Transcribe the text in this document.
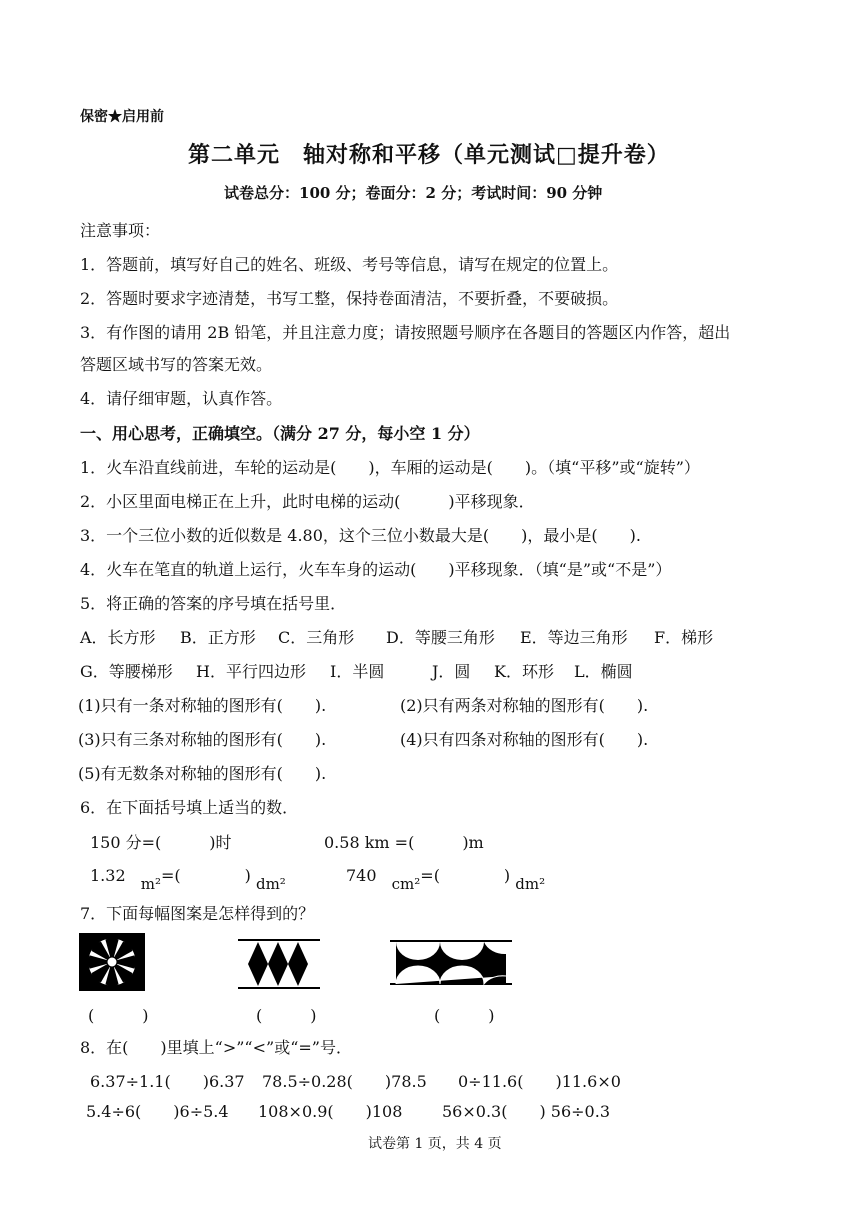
保密★启用前
第二单元　轴对称和平移（单元测试□提升卷）
试卷总分：100 分；卷面分：2 分；考试时间：90 分钟
注意事项：
1．答题前，填写好自己的姓名、班级、考号等信息，请写在规定的位置上。
2．答题时要求字迹清楚，书写工整，保持卷面清洁，不要折叠，不要破损。
3．有作图的请用 2B 铅笔，并且注意力度；请按照题号顺序在各题目的答题区内作答，超出
答题区域书写的答案无效。
4．请仔细审题，认真作答。
一、用心思考，正确填空。（满分 27 分，每小空 1 分）
1．火车沿直线前进，车轮的运动是(　　)，车厢的运动是(　　)。（填“平移”或“旋转”）
2．小区里面电梯正在上升，此时电梯的运动(　　　)平移现象．
3．一个三位小数的近似数是 4.80，这个三位小数最大是(　　)，最小是(　　).
4．火车在笔直的轨道上运行，火车车身的运动(　　)平移现象．（填“是”或“不是”）
5．将正确的答案的序号填在括号里．
A．长方形 B．正方形 C．三角形 D．等腰三角形 E．等边三角形 F．梯形
G．等腰梯形 H．平行四边形 I．半圆	J．圆 K．环形 L．椭圆
(1)只有一条对称轴的图形有(　　).	(2)只有两条对称轴的图形有(　　).
(3)只有三条对称轴的图形有(　　).	(4)只有四条对称轴的图形有(　　).
(5)有无数条对称轴的图形有(　　).
6．在下面括号填上适当的数．
150 分=(　　　)时	0.58 km =(　　　)m
1.32 m²=(　　　　) dm²	740 cm²=(　　　　) dm²
7．下面每幅图案是怎样得到的？
(　　　)	(　　　)	(　　　)
8．在(　　)里填上“>”“<”或“=”号．
6.37÷1.1(　　)6.37 78.5÷0.28(　　)78.5 0÷11.6(　　)11.6×0
5.4÷6(　　)6÷5.4 108×0.9(　　)108 56×0.3(　　) 56÷0.3
试卷第 1 页，共 4 页
